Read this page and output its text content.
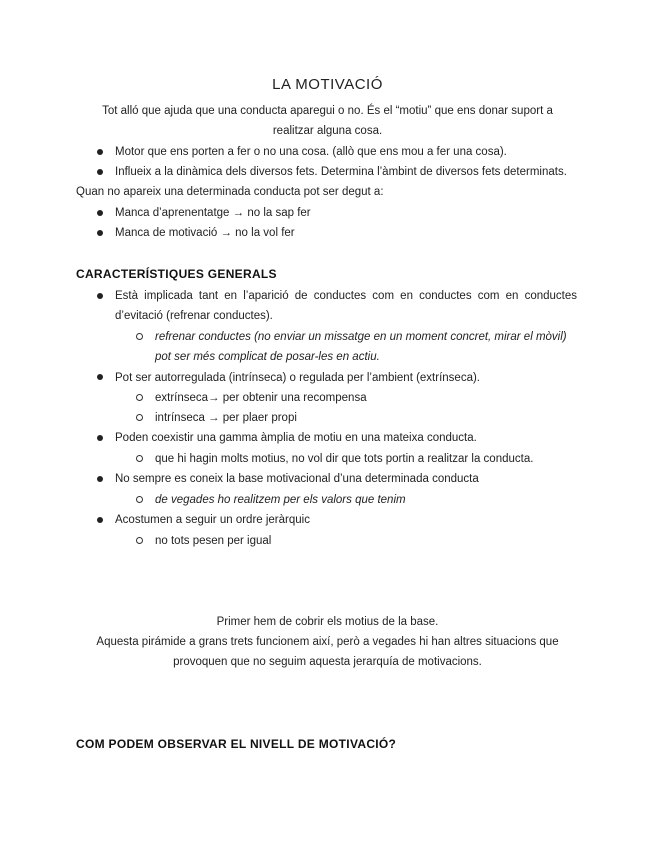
LA MOTIVACIÓ
Tot alló que ajuda que una conducta aparegui o no. És el “motiu” que ens donar suport a
realitzar alguna cosa.
Motor que ens porten a fer o no una cosa. (allò que ens mou a fer una cosa).
Influeix a la dinàmica dels diversos fets. Determina l’àmbint de diversos fets determinats.
Quan no apareix una determinada conducta pot ser degut a:
Manca d’aprenentatge → no la sap fer
Manca de motivació → no la vol fer
CARACTERÍSTIQUES GENERALS
Està implicada tant en l’aparició de conductes com en conductes com en conductes
d’evitació (refrenar conductes).
refrenar conductes (no enviar un missatge en un moment concret, mirar el mòvil)
pot ser més complicat de posar-les en actiu.
Pot ser autorregulada (intrínseca) o regulada per l’ambient (extrínseca).
extrínseca→ per obtenir una recompensa
intrínseca → per plaer propi
Poden coexistir una gamma àmplia de motiu en una mateixa conducta.
que hi hagin molts motius, no vol dir que tots portin a realitzar la conducta.
No sempre es coneix la base motivacional d’una determinada conducta
de vegades ho realitzem per els valors que tenim
Acostumen a seguir un ordre jeràrquic
no tots pesen per igual
Primer hem de cobrir els motius de la base.
Aquesta pirámide a grans trets funcionem així, però a vegades hi han altres situacions que
provoquen que no seguim aquesta jerarquía de motivacions.
COM PODEM OBSERVAR EL NIVELL DE MOTIVACIÓ?
